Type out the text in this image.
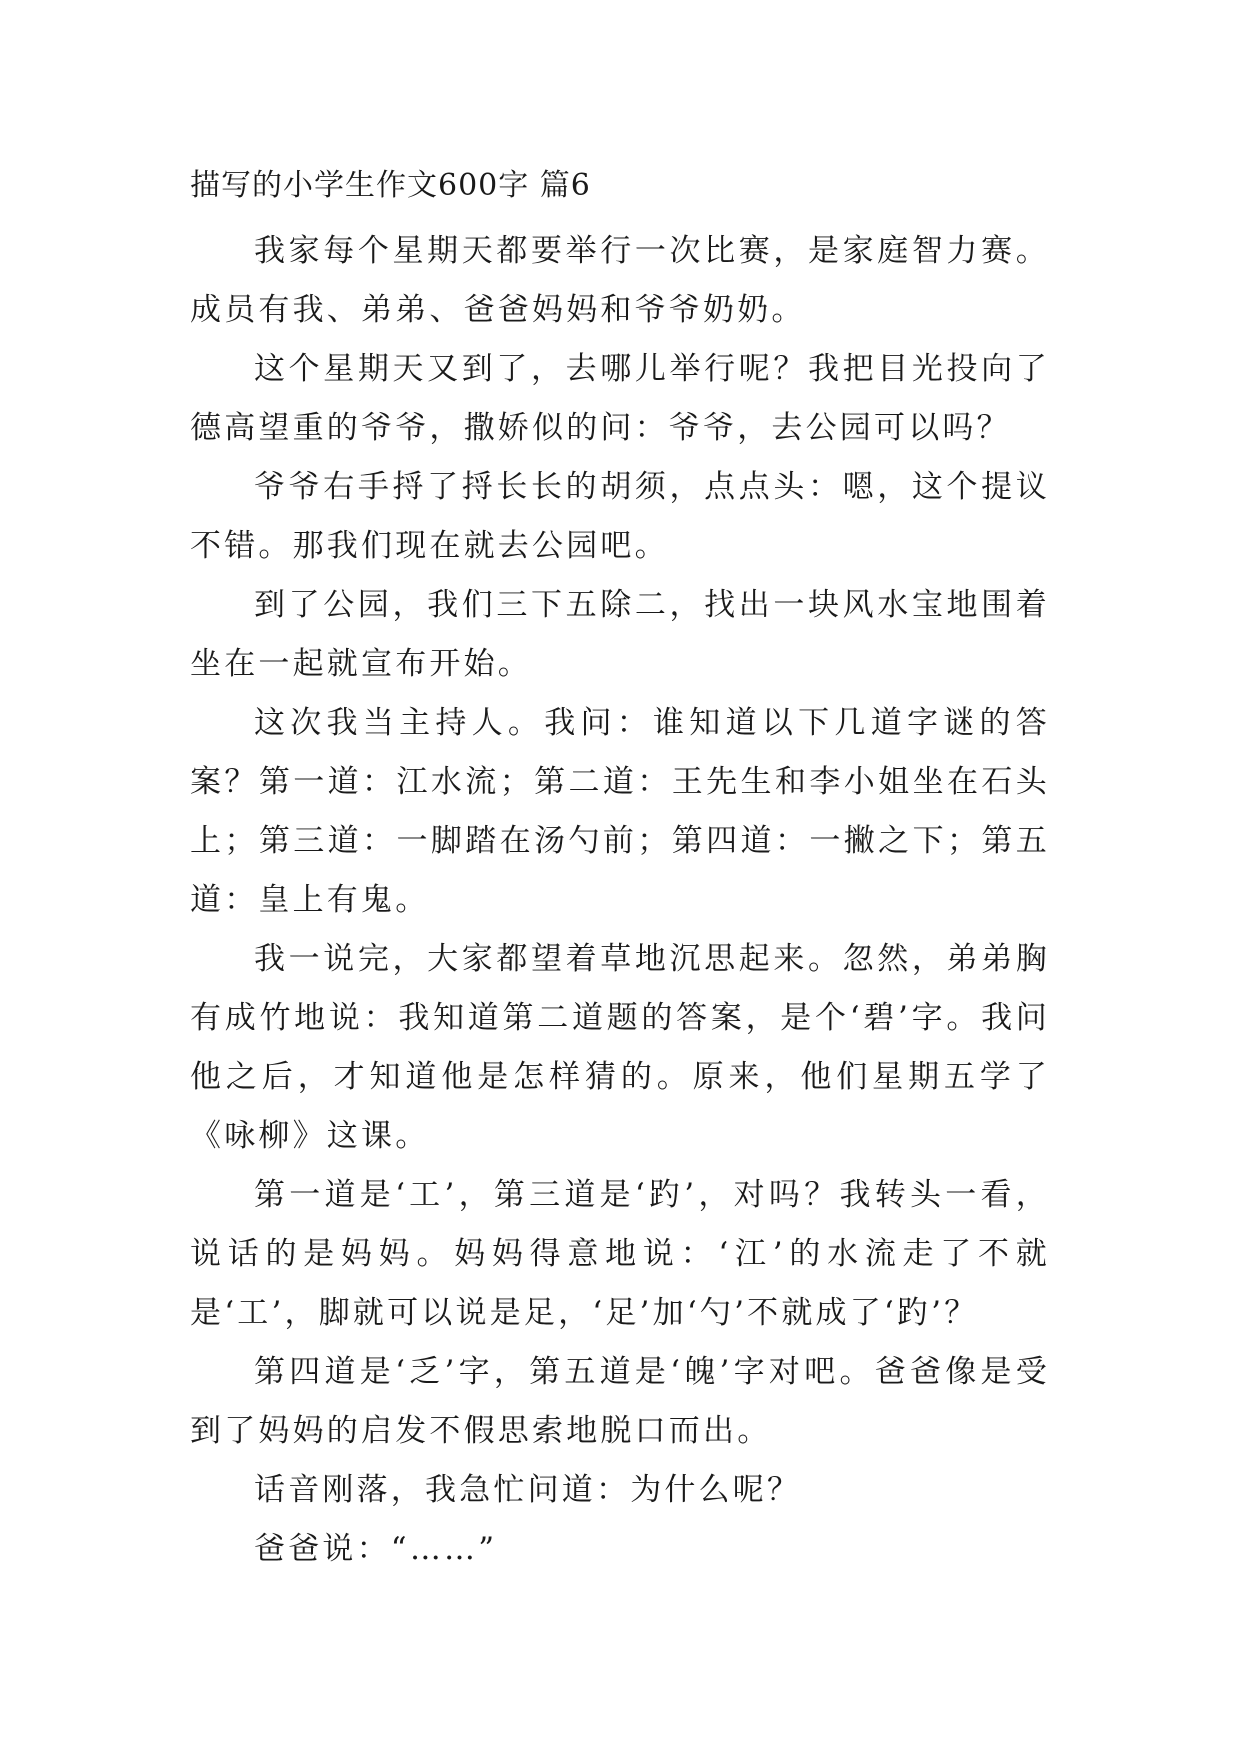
描写的小学生作文600字 篇6

我家每个星期天都要举行一次比赛，是家庭智力赛。成员有我、弟弟、爸爸妈妈和爷爷奶奶。

这个星期天又到了，去哪儿举行呢？我把目光投向了德高望重的爷爷，撒娇似的问：爷爷，去公园可以吗？

爷爷右手捋了捋长长的胡须，点点头：嗯，这个提议不错。那我们现在就去公园吧。

到了公园，我们三下五除二，找出一块风水宝地围着坐在一起就宣布开始。

这次我当主持人。我问：谁知道以下几道字谜的答案？第一道：江水流；第二道：王先生和李小姐坐在石头上；第三道：一脚踏在汤勺前；第四道：一撇之下；第五道：皇上有鬼。

我一说完，大家都望着草地沉思起来。忽然，弟弟胸有成竹地说：我知道第二道题的答案，是个‘碧’字。我问他之后，才知道他是怎样猜的。原来，他们星期五学了《咏柳》这课。

第一道是‘工’，第三道是‘趵’，对吗？我转头一看，说话的是妈妈。妈妈得意地说：‘江’的水流走了不就是‘工’，脚就可以说是足，‘足’加‘勺’不就成了‘趵’？

第四道是‘乏’字，第五道是‘魄’字对吧。爸爸像是受到了妈妈的启发不假思索地脱口而出。

话音刚落，我急忙问道：为什么呢？

爸爸说：“……”
